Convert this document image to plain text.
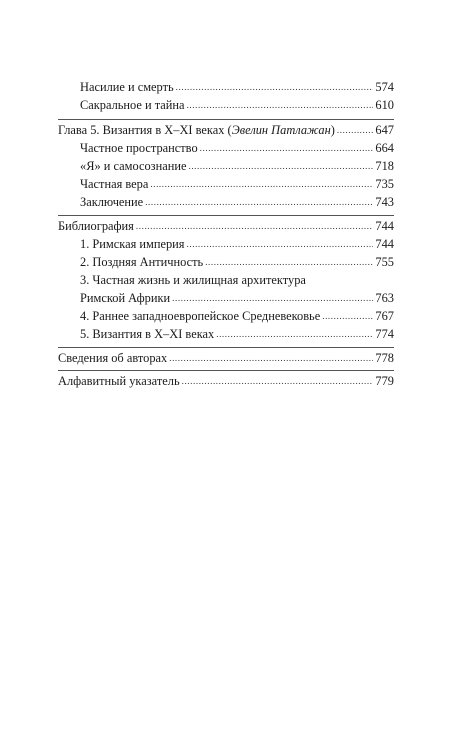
Насилие и смерть .....	574
Сакральное и тайна .....	610
Глава 5. Византия в X–XI веках (Эвелин Патлажан) .....	647
Частное пространство .....	664
«Я» и самосознание .....	718
Частная вера .....	735
Заключение .....	743
Библиография .....	744
1. Римская империя .....	744
2. Поздняя Античность .....	755
3. Частная жизнь и жилищная архитектура
Римской Африки .....	763
4. Раннее западноевропейское Средневековье .....	767
5. Византия в X–XI веках .....	774
Сведения об авторах .....	778
Алфавитный указатель .....	779
